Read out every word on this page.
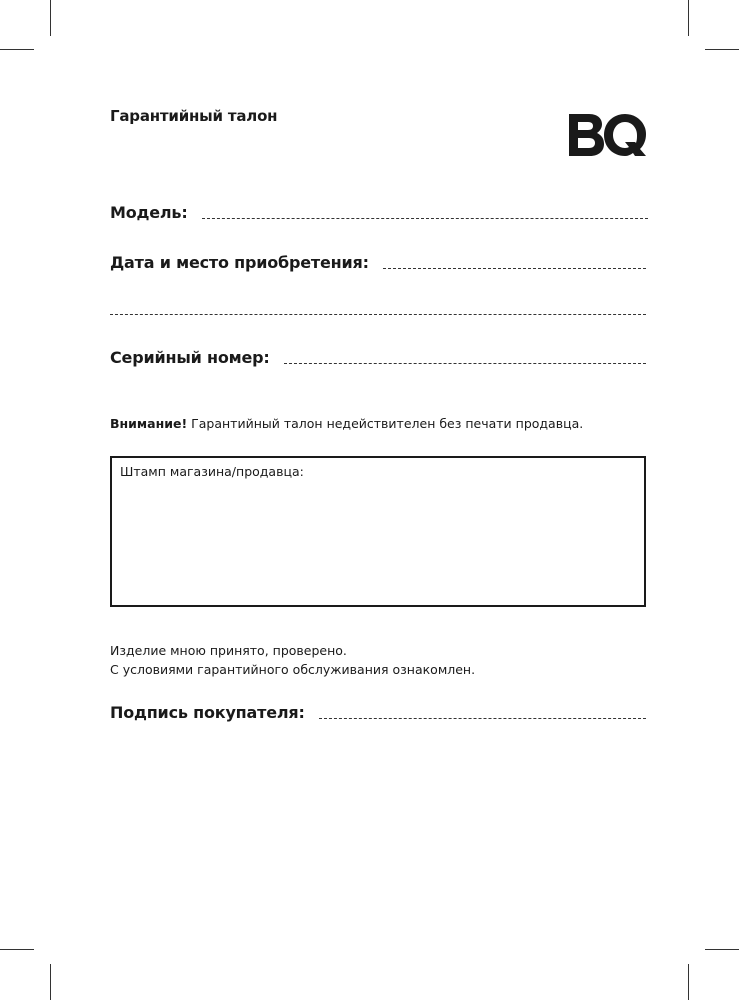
Гарантийный талон
Модель:
Дата и место приобретения:
Серийный номер:
Внимание! Гарантийный талон недействителен без печати продавца.
Штамп магазина/продавца:
Изделие мною принято, проверено.
С условиями гарантийного обслуживания ознакомлен.
Подпись покупателя:
